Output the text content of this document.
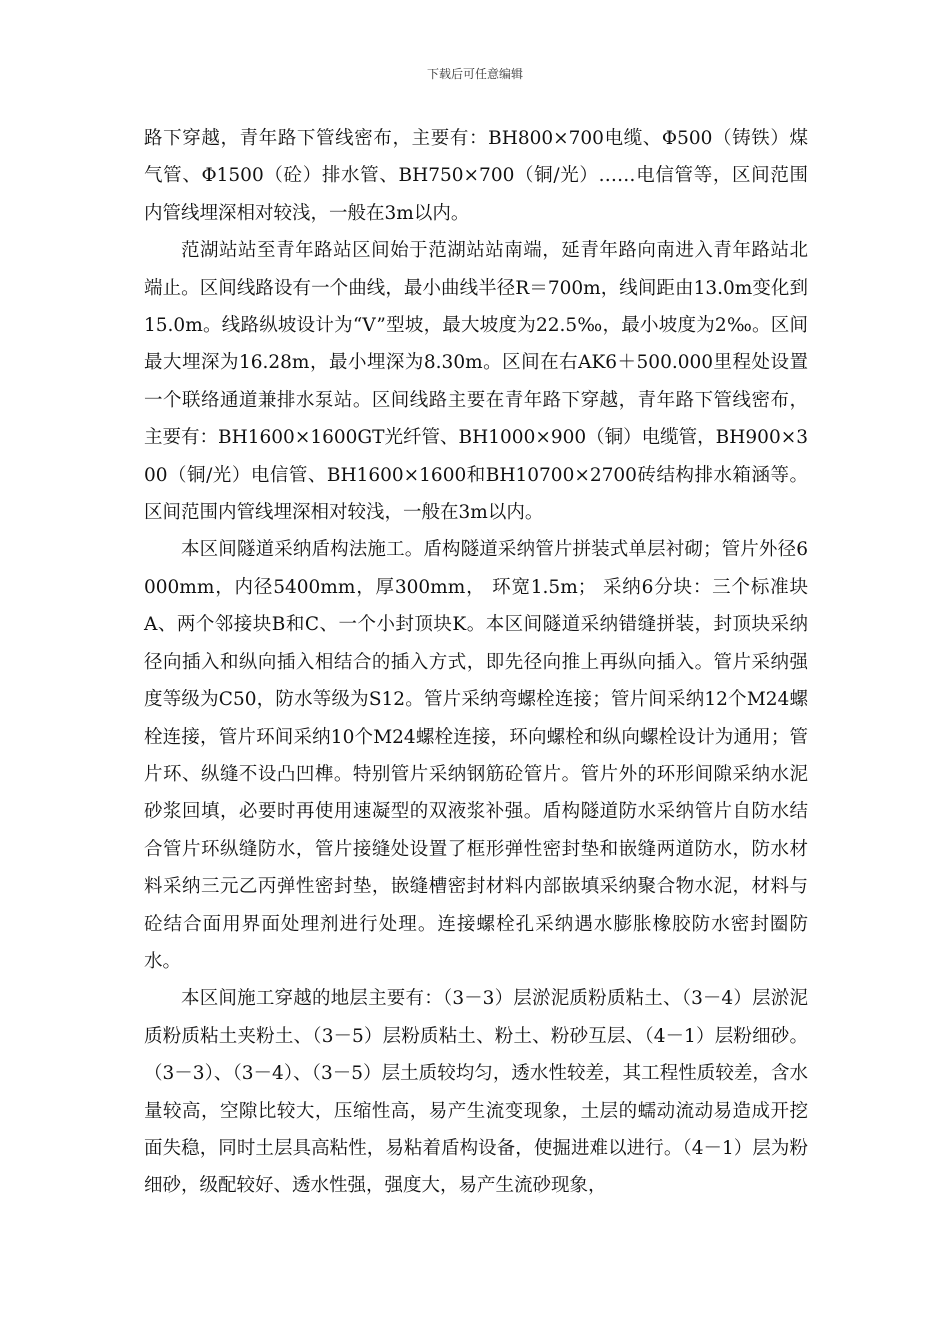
下载后可任意编辑

路下穿越，青年路下管线密布，主要有：BH800×700电缆、Φ500（铸铁）煤气管、Φ1500（砼）排水管、BH750×700（铜/光）……电信管等，区间范围内管线埋深相对较浅，一般在3m以内。

范湖站站至青年路站区间始于范湖站站南端，延青年路向南进入青年路站北端止。区间线路设有一个曲线，最小曲线半径R＝700m，线间距由13.0m变化到15.0m。线路纵坡设计为“V”型坡，最大坡度为22.5‰，最小坡度为2‰。区间最大埋深为16.28m，最小埋深为8.30m。区间在右AK6＋500.000里程处设置一个联络通道兼排水泵站。区间线路主要在青年路下穿越，青年路下管线密布，主要有：BH1600×1600GT光纤管、BH1000×900（铜）电缆管，BH900×300（铜/光）电信管、BH1600×1600和BH10700×2700砖结构排水箱涵等。区间范围内管线埋深相对较浅，一般在3m以内。

本区间隧道采纳盾构法施工。盾构隧道采纳管片拼装式单层衬砌；管片外径6000mm，内径5400mm，厚300mm， 环宽1.5m； 采纳6分块：三个标准块A、两个邻接块B和C、一个小封顶块K。本区间隧道采纳错缝拼装，封顶块采纳径向插入和纵向插入相结合的插入方式，即先径向推上再纵向插入。管片采纳强度等级为C50，防水等级为S12。管片采纳弯螺栓连接；管片间采纳12个M24螺栓连接，管片环间采纳10个M24螺栓连接，环向螺栓和纵向螺栓设计为通用；管片环、纵缝不设凸凹榫。特别管片采纳钢筋砼管片。管片外的环形间隙采纳水泥砂浆回填，必要时再使用速凝型的双液浆补强。盾构隧道防水采纳管片自防水结合管片环纵缝防水，管片接缝处设置了框形弹性密封垫和嵌缝两道防水，防水材料采纳三元乙丙弹性密封垫，嵌缝槽密封材料内部嵌填采纳聚合物水泥，材料与砼结合面用界面处理剂进行处理。连接螺栓孔采纳遇水膨胀橡胶防水密封圈防水。

本区间施工穿越的地层主要有：（3－3）层淤泥质粉质粘土、（3－4）层淤泥质粉质粘土夹粉土、（3－5）层粉质粘土、粉土、粉砂互层、（4－1）层粉细砂。（3－3）、（3－4）、（3－5）层土质较均匀，透水性较差，其工程性质较差，含水量较高，空隙比较大，压缩性高，易产生流变现象，土层的蠕动流动易造成开挖面失稳，同时土层具高粘性，易粘着盾构设备，使掘进难以进行。（4－1）层为粉细砂，级配较好、透水性强，强度大，易产生流砂现象，
